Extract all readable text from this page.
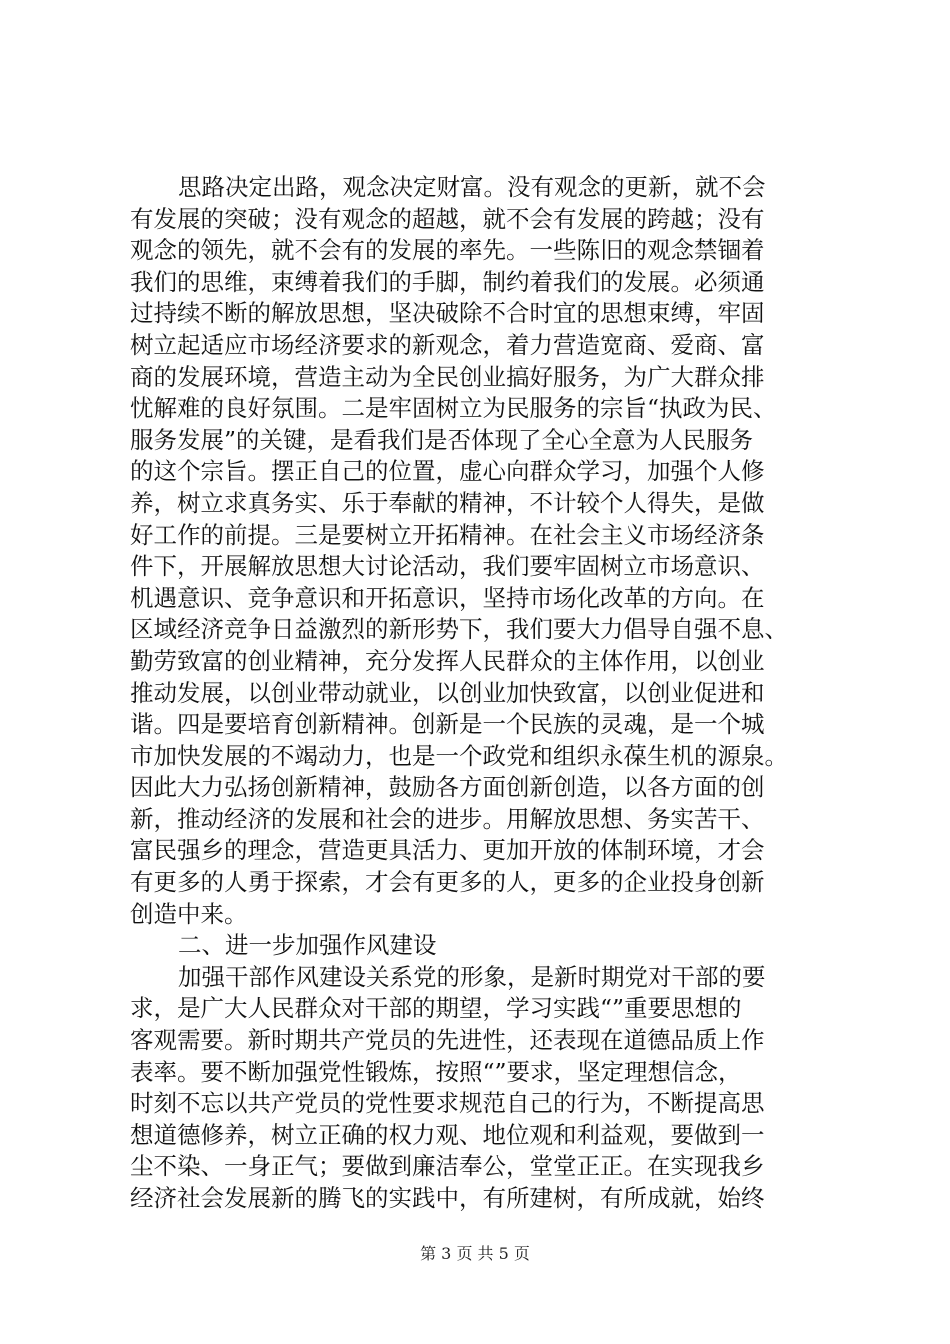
思路决定出路，观念决定财富。没有观念的更新，就不会
有发展的突破；没有观念的超越，就不会有发展的跨越；没有
观念的领先，就不会有的发展的率先。一些陈旧的观念禁锢着
我们的思维，束缚着我们的手脚，制约着我们的发展。必须通
过持续不断的解放思想，坚决破除不合时宜的思想束缚，牢固
树立起适应市场经济要求的新观念，着力营造宽商、爱商、富
商的发展环境，营造主动为全民创业搞好服务，为广大群众排
忧解难的良好氛围。二是牢固树立为民服务的宗旨“执政为民、
服务发展”的关键，是看我们是否体现了全心全意为人民服务
的这个宗旨。摆正自己的位置，虚心向群众学习，加强个人修
养，树立求真务实、乐于奉献的精神，不计较个人得失，是做
好工作的前提。三是要树立开拓精神。在社会主义市场经济条
件下，开展解放思想大讨论活动，我们要牢固树立市场意识、
机遇意识、竞争意识和开拓意识，坚持市场化改革的方向。在
区域经济竞争日益激烈的新形势下，我们要大力倡导自强不息、
勤劳致富的创业精神，充分发挥人民群众的主体作用，以创业
推动发展，以创业带动就业，以创业加快致富，以创业促进和
谐。四是要培育创新精神。创新是一个民族的灵魂，是一个城
市加快发展的不竭动力，也是一个政党和组织永葆生机的源泉。
因此大力弘扬创新精神，鼓励各方面创新创造，以各方面的创
新，推动经济的发展和社会的进步。用解放思想、务实苦干、
富民强乡的理念，营造更具活力、更加开放的体制环境，才会
有更多的人勇于探索，才会有更多的人，更多的企业投身创新
创造中来。
二、进一步加强作风建设
加强干部作风建设关系党的形象，是新时期党对干部的要
求，是广大人民群众对干部的期望，学习实践“”重要思想的
客观需要。新时期共产党员的先进性，还表现在道德品质上作
表率。要不断加强党性锻炼，按照“”要求，坚定理想信念，
时刻不忘以共产党员的党性要求规范自己的行为，不断提高思
想道德修养，树立正确的权力观、地位观和利益观，要做到一
尘不染、一身正气；要做到廉洁奉公，堂堂正正。在实现我乡
经济社会发展新的腾飞的实践中，有所建树，有所成就，始终
第 3 页 共 5 页
